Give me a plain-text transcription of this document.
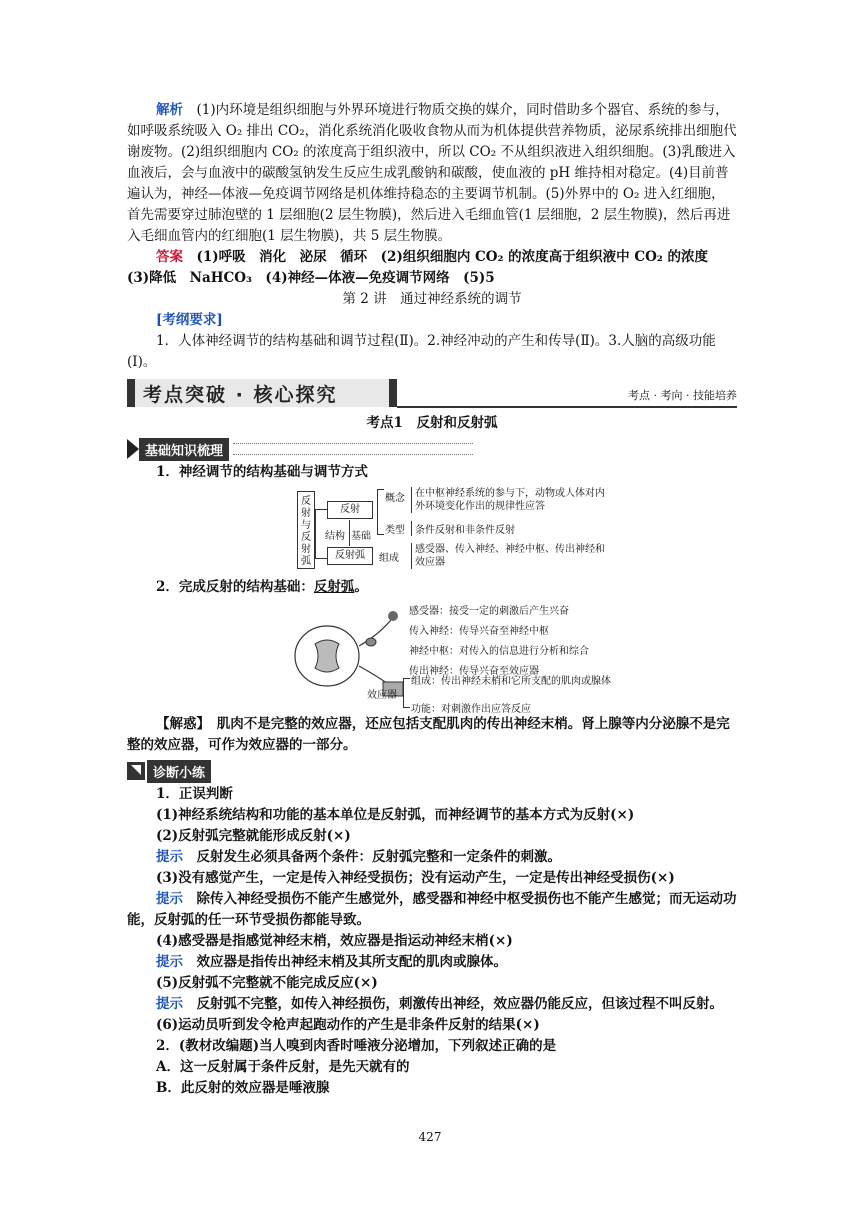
解析　 (1)内环境是组织细胞与外界环境进行物质交换的媒介，同时借助多个器官、系统的参与，如呼吸系统吸入 O₂ 排出 CO₂，消化系统消化吸收食物从而为机体提供营养物质，泌尿系统排出细胞代谢废物。(2)组织细胞内 CO₂ 的浓度高于组织液中，所以 CO₂ 不从组织液进入组织细胞。(3)乳酸进入血液后，会与血液中的碳酸氢钠发生反应生成乳酸钠和碳酸，使血液的 pH 维持相对稳定。(4)目前普遍认为，神经—体液—免疫调节网络是机体维持稳态的主要调节机制。(5)外界中的 O₂ 进入红细胞，首先需要穿过肺泡壁的 1 层细胞(2 层生物膜)，然后进入毛细血管(1 层细胞，2 层生物膜)，然后再进入毛细血管内的红细胞(1 层生物膜)，共 5 层生物膜。

答案　 (1)呼吸　消化　泌尿　循环　(2)组织细胞内 CO₂ 的浓度高于组织液中 CO₂ 的浓度　(3)降低　NaHCO₃　(4)神经—体液—免疫调节网络　(5)5

第 2 讲　通过神经系统的调节

[考纲要求]

1．人体神经调节的结构基础和调节过程(Ⅱ)。2.神经冲动的产生和传导(Ⅱ)。3.人脑的高级功能(Ⅰ)。

考点突破 · 核心探究	考点 · 考向 · 技能培养

考点1　反射和反射弧

基础知识梳理

1．神经调节的结构基础与调节方式

反射与反射弧
反射
反射弧
结构 基础
概念
类型
组成
在中枢神经系统的参与下，动物或人体对内外环境变化作出的规律性应答
条件反射和非条件反射
感受器、传入神经、神经中枢、传出神经和效应器

2．完成反射的结构基础：反射弧。

感受器：接受一定的刺激后产生兴奋
传入神经：传导兴奋至神经中枢
神经中枢：对传入的信息进行分析和综合
传出神经：传导兴奋至效应器
效应器
组成：传出神经末梢和它所支配的肌肉或腺体
功能：对刺激作出应答反应

【解惑】　 肌肉不是完整的效应器，还应包括支配肌肉的传出神经末梢。肾上腺等内分泌腺不是完整的效应器，可作为效应器的一部分。

诊断小练

1．正误判断

(1)神经系统结构和功能的基本单位是反射弧，而神经调节的基本方式为反射(×)

(2)反射弧完整就能形成反射(×)

提示　 反射发生必须具备两个条件：反射弧完整和一定条件的刺激。

(3)没有感觉产生，一定是传入神经受损伤；没有运动产生，一定是传出神经受损伤(×)

提示　 除传入神经受损伤不能产生感觉外，感受器和神经中枢受损伤也不能产生感觉；而无运动功能，反射弧的任一环节受损伤都能导致。

(4)感受器是指感觉神经末梢，效应器是指运动神经末梢(×)

提示　 效应器是指传出神经末梢及其所支配的肌肉或腺体。

(5)反射弧不完整就不能完成反应(×)

提示　 反射弧不完整，如传入神经损伤，刺激传出神经，效应器仍能反应，但该过程不叫反射。

(6)运动员听到发令枪声起跑动作的产生是非条件反射的结果(×)

2．(教材改编题)当人嗅到肉香时唾液分泌增加，下列叙述正确的是

A．这一反射属于条件反射，是先天就有的

B．此反射的效应器是唾液腺

427
